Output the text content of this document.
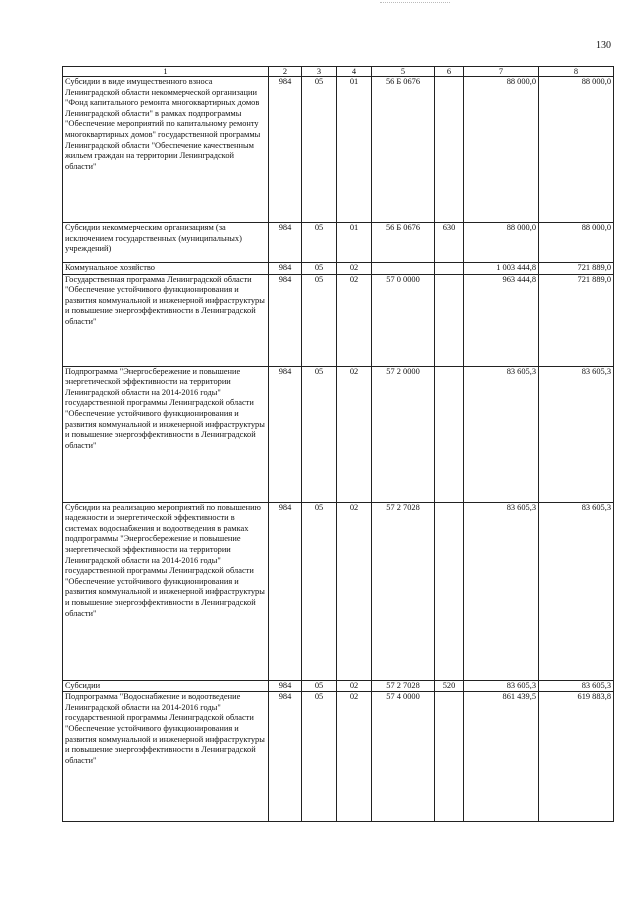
130
1	2	3	4	5	6	7	8
Субсидии в виде имущественного взноса Ленинградской области некоммерческой организации "Фонд капитального ремонта многоквартирных домов Ленинградской области" в рамках подпрограммы "Обеспечение мероприятий по капитальному ремонту многоквартирных домов" государственной программы Ленинградской области "Обеспечение качественным жильем граждан на территории Ленинградской области"	984	05	01	56 Б 0676		88 000,0	88 000,0
Субсидии некоммерческим организациям (за исключением государственных (муниципальных) учреждений)	984	05	01	56 Б 0676	630	88 000,0	88 000,0
Коммунальное хозяйство	984	05	02			1 003 444,8	721 889,0
Государственная программа Ленинградской области "Обеспечение устойчивого функционирования и развития коммунальной и инженерной инфраструктуры и повышение энергоэффективности в Ленинградской области"	984	05	02	57 0 0000		963 444,8	721 889,0
Подпрограмма "Энергосбережение и повышение энергетической эффективности на территории Ленинградской области на 2014-2016 годы" государственной программы Ленинградской области "Обеспечение устойчивого функционирования и развития коммунальной и инженерной инфраструктуры и повышение энергоэффективности в Ленинградской области"	984	05	02	57 2 0000		83 605,3	83 605,3
Субсидии на реализацию мероприятий по повышению надежности и энергетической эффективности в системах водоснабжения и водоотведения в рамках подпрограммы "Энергосбережение и повышение энергетической эффективности на территории Ленинградской области на 2014-2016 годы" государственной программы Ленинградской области "Обеспечение устойчивого функционирования и развития коммунальной и инженерной инфраструктуры и повышение энергоэффективности в Ленинградской области"	984	05	02	57 2 7028		83 605,3	83 605,3
Субсидии	984	05	02	57 2 7028	520	83 605,3	83 605,3
Подпрограмма "Водоснабжение и водоотведение Ленинградской области на 2014-2016 годы" государственной программы Ленинградской области "Обеспечение устойчивого функционирования и развития коммунальной и инженерной инфраструктуры и повышение энергоэффективности в Ленинградской области"	984	05	02	57 4 0000		861 439,5	619 883,8
